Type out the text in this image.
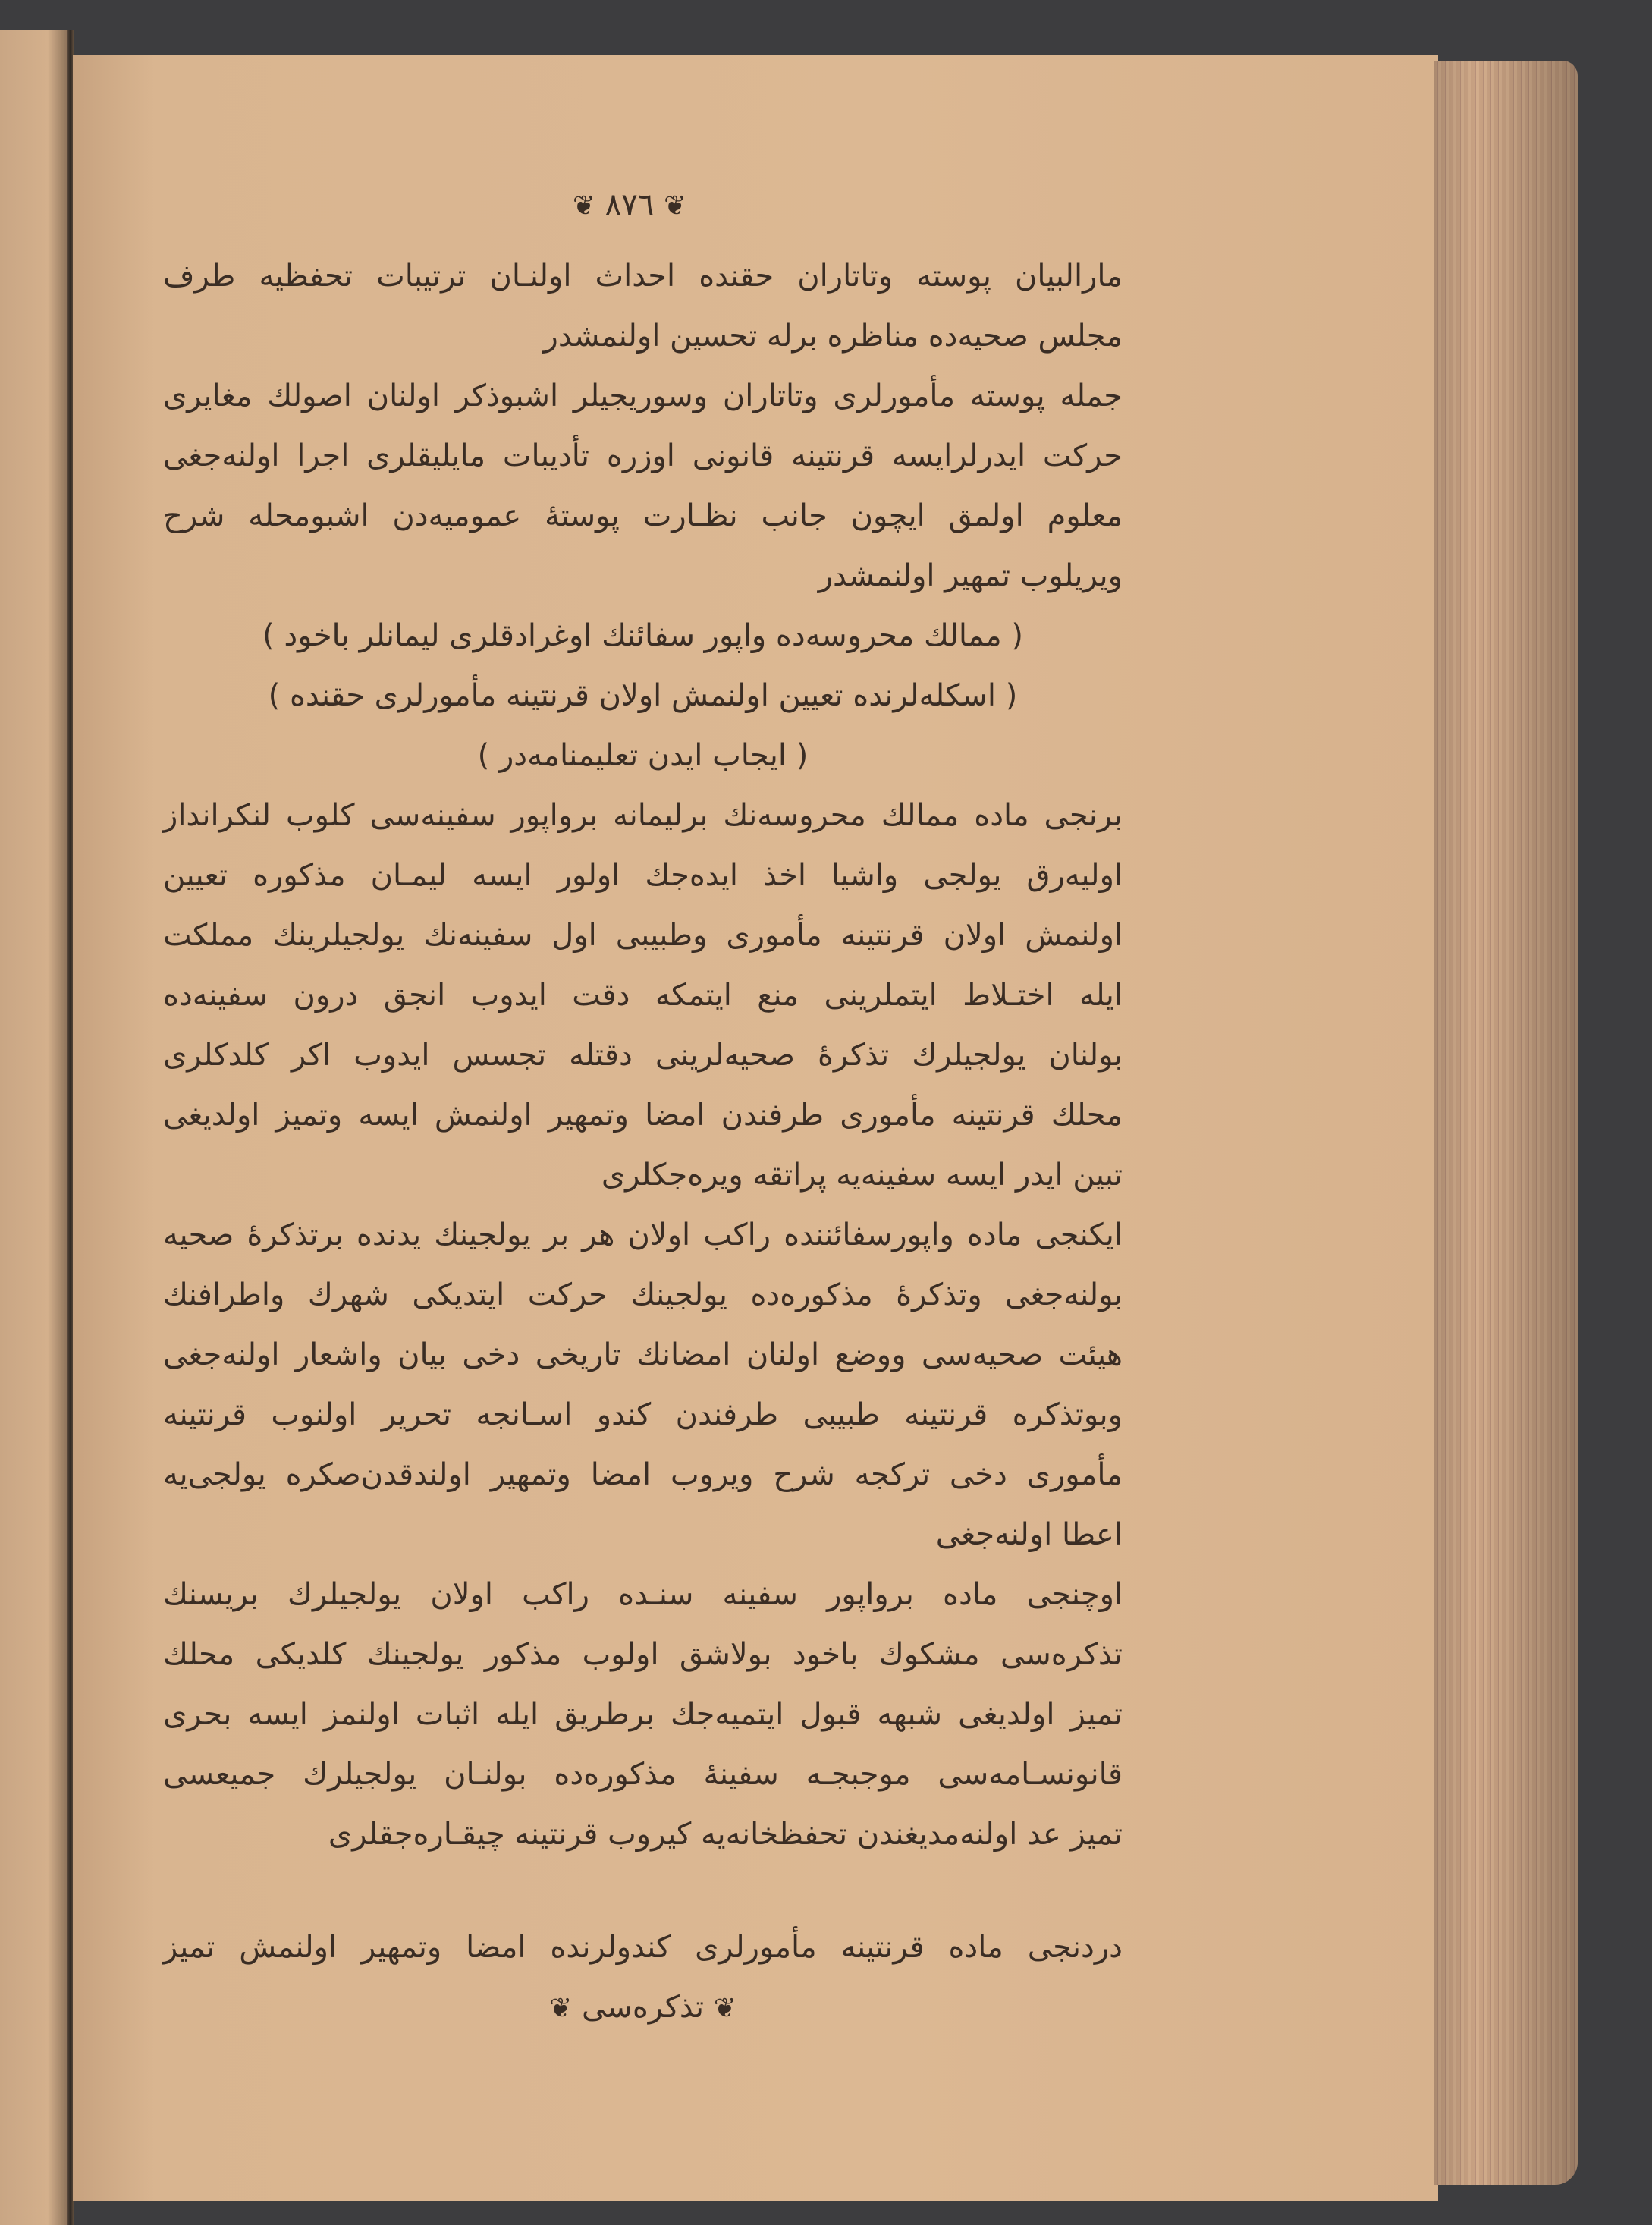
❦ ٨٧٦ ❦
مارالبيان پوسته وتاتاران حقنده احداث اولنـان ترتيبات تحفظيه طرف
مجلس صحيه‌ده مناظره برله تحسين اولنمشدر
جمله پوسته مأمورلرى وتاتاران وسوريجيلر اشبوذكر اولنان اصولك مغايرى
حركت ايدرلرايسه قرنتينه قانونى اوزره تأديبات مايليقلرى اجرا اولنه‌جغى
معلوم اولمق ايچون جانب نظـارت پوستهٔ عموميه‌دن اشبومحله شرح
ويريلوب تمهير اولنمشدر
( ممالك محروسه‌ده واپور سفائنك اوغرادقلرى ليمانلر باخود )
( اسكله‌لرنده تعيين اولنمش اولان قرنتينه مأمورلرى حقنده )
( ايجاب ايدن تعليمنامه‌در )
برنجى ماده ممالك محروسه‌نك برليمانه برواپور سفينه‌سى كلوب لنكرانداز
اوليه‌رق يولجى واشيا اخذ ايده‌جك اولور ايسه ليمـان مذكوره تعيين
اولنمش اولان قرنتينه مأمورى وطبيبى اول سفينه‌نك يولجيلرينك مملكت
ايله اختـلاط ايتملرينى منع ايتمكه دقت ايدوب انجق درون سفينه‌ده
بولنان يولجيلرك تذكرهٔ صحيه‌لرينى دقتله تجسس ايدوب اكر كلدكلرى
محلك قرنتينه مأمورى طرفندن امضا وتمهير اولنمش ايسه وتميز اولديغى
تبين ايدر ايسه سفينه‌يه پراتقه ويره‌جكلرى
ايكنجى ماده واپورسفائننده راكب اولان هر بر يولجينك يدنده برتذكرهٔ صحيه
بولنه‌جغى وتذكرهٔ مذكوره‌ده يولجينك حركت ايتديكى شهرك واطرافنك
هيئت صحيه‌سى ووضع اولنان امضانك تاريخى دخى بيان واشعار اولنه‌جغى
وبوتذكره قرنتينه طبيبى طرفندن كندو اسـانجه تحرير اولنوب قرنتينه
مأمورى دخى تركجه شرح ويروب امضا وتمهير اولندقدن‌صكره يولجى‌يه
اعطا اولنه‌جغى
اوچنجى ماده برواپور سفينه سنـده راكب اولان يولجيلرك بريسنك
تذكره‌سى مشكوك باخود بولاشق اولوب مذكور يولجينك كلديكى محلك
تميز اولديغى شبهه قبول ايتميه‌جك برطريق ايله اثبات اولنمز ايسه بحرى
قانونسـامه‌سى موجبجـه سفينهٔ مذكوره‌ده بولنـان يولجيلرك جميعسى
تميز عد اولنه‌مديغندن تحفظخانه‌يه كيروب قرنتينه چيقـاره‌جقلرى
دردنجى ماده قرنتينه مأمورلرى كندولرنده امضا وتمهير اولنمش تميز
❦ تذكره‌سى ❦
